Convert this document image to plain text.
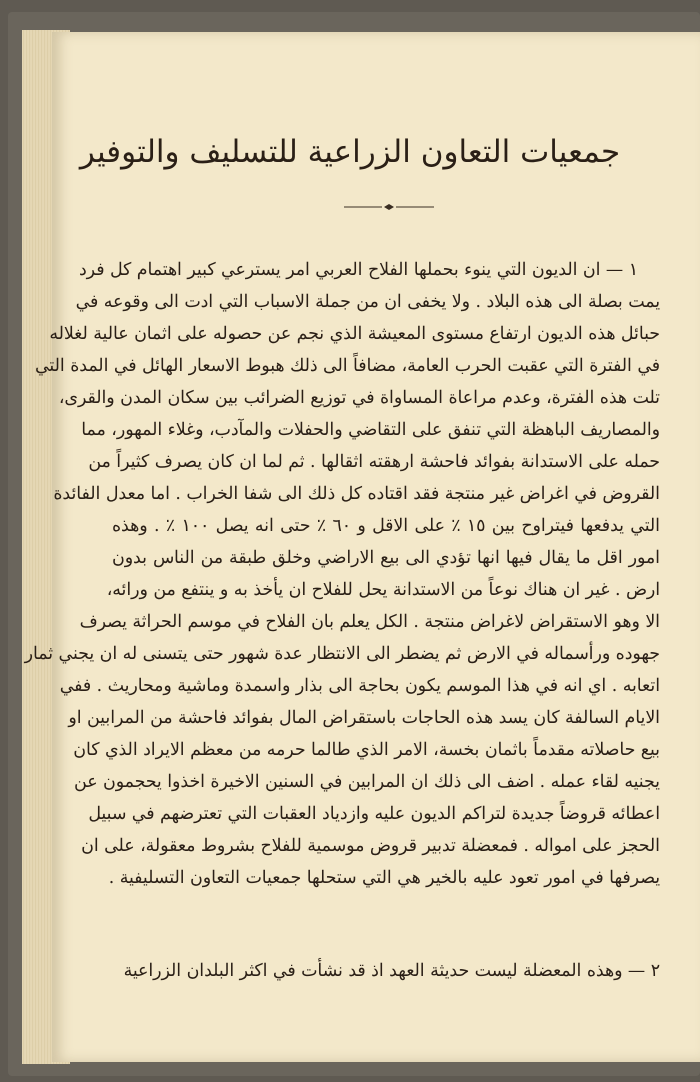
جمعيات التعاون الزراعية للتسليف والتوفير
١ — ان الديون التي ينوء بحملها الفلاح العربي امر يسترعي كبير اهتمام كل فرد
يمت بصلة الى هذه البلاد . ولا يخفى ان من جملة الاسباب التي ادت الى وقوعه في
حبائل هذه الديون ارتفاع مستوى المعيشة الذي نجم عن حصوله على اثمان عالية لغلاله
في الفترة التي عقبت الحرب العامة، مضافاً الى ذلك هبوط الاسعار الهائل في المدة التي
تلت هذه الفترة، وعدم مراعاة المساواة في توزيع الضرائب بين سكان المدن والقرى،
والمصاريف الباهظة التي تنفق على التقاضي والحفلات والمآدب، وغلاء المهور، مما
حمله على الاستدانة بفوائد فاحشة ارهقته اثقالها . ثم لما ان كان يصرف كثيراً من
القروض في اغراض غير منتجة فقد اقتاده كل ذلك الى شفا الخراب . اما معدل الفائدة
التي يدفعها فيتراوح بين ١٥ ٪ على الاقل و ٦٠ ٪ حتى انه يصل ١٠٠ ٪ . وهذه
امور اقل ما يقال فيها انها تؤدي الى بيع الاراضي وخلق طبقة من الناس بدون
ارض . غير ان هناك نوعاً من الاستدانة يحل للفلاح ان يأخذ به و ينتفع من ورائه،
الا وهو الاستقراض لاغراض منتجة . الكل يعلم بان الفلاح في موسم الحراثة يصرف
جهوده ورأسماله في الارض ثم يضطر الى الانتظار عدة شهور حتى يتسنى له ان يجني ثمار
اتعابه . اي انه في هذا الموسم يكون بحاجة الى بذار واسمدة وماشية ومحاريث . ففي
الايام السالفة كان يسد هذه الحاجات باستقراض المال بفوائد فاحشة من المرابين او
بيع حاصلاته مقدماً باثمان بخسة، الامر الذي طالما حرمه من معظم الايراد الذي كان
يجنيه لقاء عمله . اضف الى ذلك ان المرابين في السنين الاخيرة اخذوا يحجمون عن
اعطائه قروضاً جديدة لتراكم الديون عليه وازدياد العقبات التي تعترضهم في سبيل
الحجز على امواله . فمعضلة تدبير قروض موسمية للفلاح بشروط معقولة، على ان
يصرفها في امور تعود عليه بالخير هي التي ستحلها جمعيات التعاون التسليفية .
٢ — وهذه المعضلة ليست حديثة العهد اذ قد نشأت في اكثر البلدان الزراعية
